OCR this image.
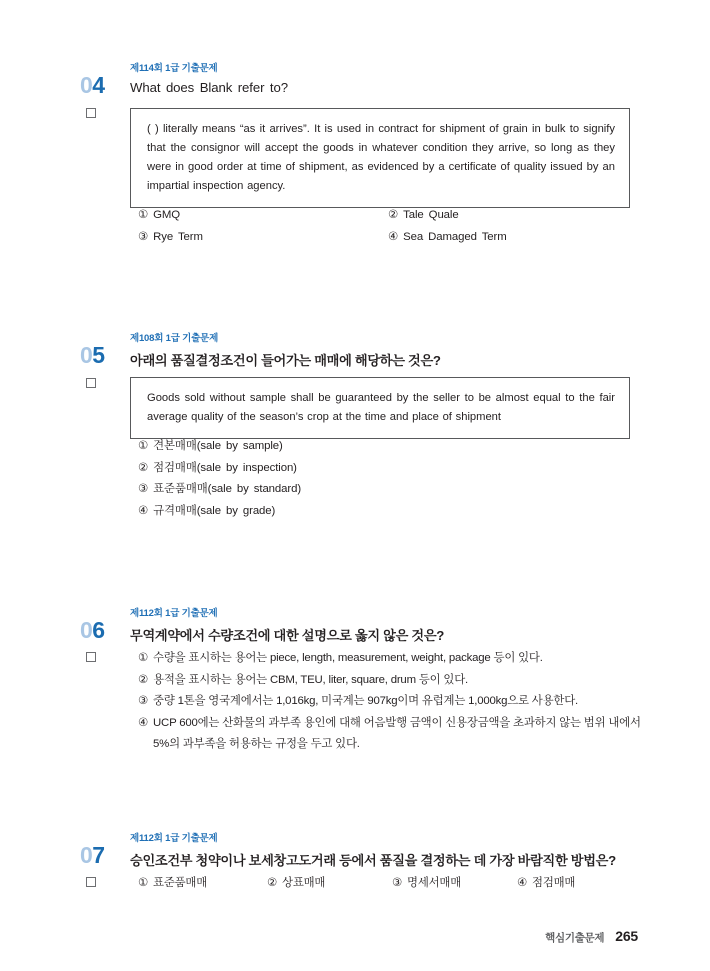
04
제114회 1급 기출문제
What does Blank refer to?

( ) literally means “as it arrives”. It is used in contract for shipment of grain in bulk to signify that the consignor will accept the goods in whatever condition they arrive, so long as they were in good order at time of shipment, as evidenced by a certificate of quality issued by an impartial inspection agency.

① GMQ	② Tale Quale
③ Rye Term	④ Sea Damaged Term
05
제108회 1급 기출문제
아래의 품질결정조건이 들어가는 매매에 해당하는 것은?

Goods sold without sample shall be guaranteed by the seller to be almost equal to the fair average quality of the season’s crop at the time and place of shipment

① 견본매매(sale by sample)
② 점검매매(sale by inspection)
③ 표준품매매(sale by standard)
④ 규격매매(sale by grade)
06
제112회 1급 기출문제
무역계약에서 수량조건에 대한 설명으로 옳지 않은 것은?
① 수량을 표시하는 용어는 piece, length, measurement, weight, package 등이 있다.
② 용적을 표시하는 용어는 CBM, TEU, liter, square, drum 등이 있다.
③ 중량 1톤을 영국계에서는 1,016kg, 미국계는 907kg이며 유럽계는 1,000kg으로 사용한다.
④ UCP 600에는 산화물의 과부족 용인에 대해 어음발행 금액이 신용장금액을 초과하지 않는 범위 내에서 5%의 과부족을 허용하는 규정을 두고 있다.
07
제112회 1급 기출문제
승인조건부 청약이나 보세창고도거래 등에서 품질을 결정하는 데 가장 바람직한 방법은?
① 표준품매매	② 상표매매	③ 명세서매매	④ 점검매매
핵심기출문제 265
